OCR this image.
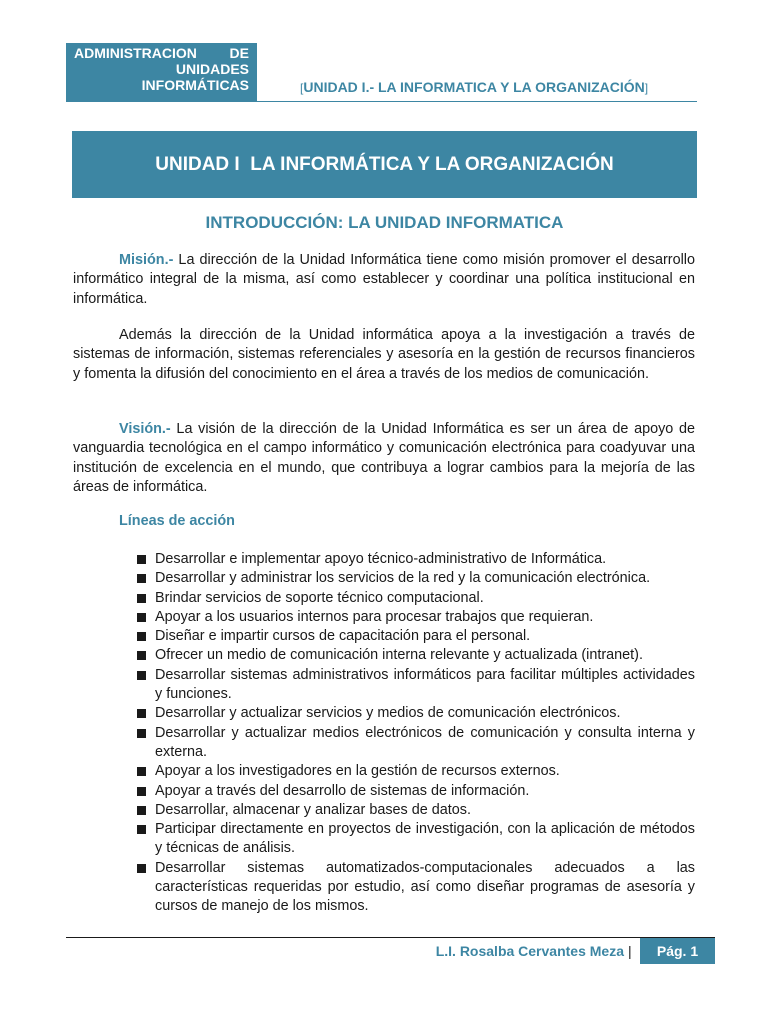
ADMINISTRACION DE
UNIDADES
INFORMÁTICAS	[UNIDAD I.- LA INFORMATICA Y LA ORGANIZACIÓN]
UNIDAD I  LA INFORMÁTICA Y LA ORGANIZACIÓN
INTRODUCCIÓN: LA UNIDAD INFORMATICA

Misión.- La dirección de la Unidad Informática tiene como misión promover el desarrollo informático integral de la misma, así como establecer y coordinar una política institucional en informática.

Además la dirección de la Unidad informática apoya a la investigación a través de sistemas de información, sistemas referenciales y asesoría en la gestión de recursos financieros y fomenta la difusión del conocimiento en el área a través de los medios de comunicación.

Visión.- La visión de la dirección de la Unidad Informática es ser un área de apoyo de vanguardia tecnológica en el campo informático y comunicación electrónica para coadyuvar una institución de excelencia en el mundo, que contribuya a lograr cambios para la mejoría de las áreas de informática.

Líneas de acción
Desarrollar e implementar apoyo técnico-administrativo de Informática.
Desarrollar y administrar los servicios de la red y la comunicación electrónica.
Brindar servicios de soporte técnico computacional.
Apoyar a los usuarios internos para procesar trabajos que requieran.
Diseñar e impartir cursos de capacitación para el personal.
Ofrecer un medio de comunicación interna relevante y actualizada (intranet).
Desarrollar sistemas administrativos informáticos para facilitar múltiples actividades y funciones.
Desarrollar y actualizar servicios y medios de comunicación electrónicos.
Desarrollar y actualizar medios electrónicos de comunicación y consulta interna y externa.
Apoyar a los investigadores en la gestión de recursos externos.
Apoyar a través del desarrollo de sistemas de información.
Desarrollar, almacenar y analizar bases de datos.
Participar directamente en proyectos de investigación, con la aplicación de métodos y técnicas de análisis.
Desarrollar sistemas automatizados-computacionales adecuados a las características requeridas por estudio, así como diseñar programas de asesoría y cursos de manejo de los mismos.
L.I. Rosalba Cervantes Meza |	Pág. 1
